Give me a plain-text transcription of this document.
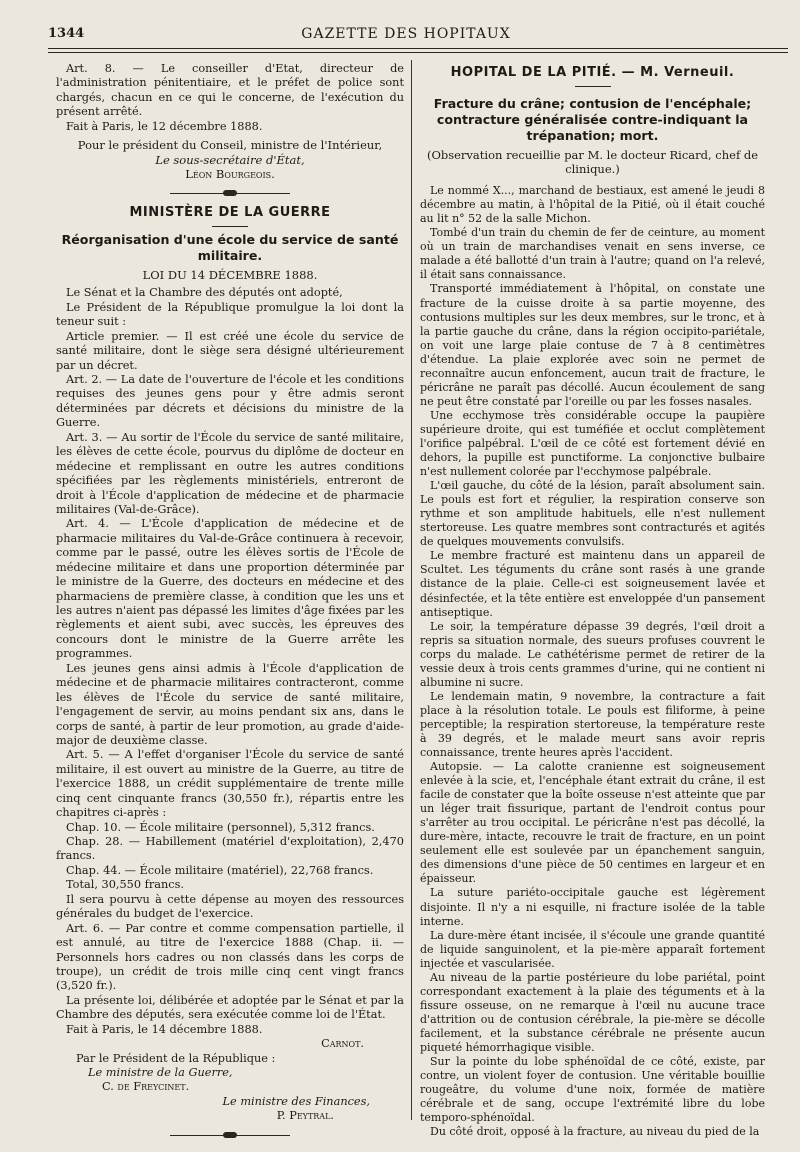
1344	GAZETTE DES HOPITAUX

Art. 8. — Le conseiller d'Etat, directeur de l'administration pénitentiaire, et le préfet de police sont chargés, chacun en ce qui le concerne, de l'exécution du présent arrêté.

Fait à Paris, le 12 décembre 1888.

Pour le président du Conseil, ministre de l'Intérieur,

Le sous-secrétaire d'État,

Léon Bourgeois.

MINISTÈRE DE LA GUERRE

Réorganisation d'une école du service de santé militaire.

LOI DU 14 DÉCEMBRE 1888.

Le Sénat et la Chambre des députés ont adopté,

Le Président de la République promulgue la loi dont la teneur suit :

Article premier. — Il est créé une école du service de santé militaire, dont le siège sera désigné ultérieurement par un décret.

Art. 2. — La date de l'ouverture de l'école et les conditions requises des jeunes gens pour y être admis seront déterminées par décrets et décisions du ministre de la Guerre.

Art. 3. — Au sortir de l'École du service de santé militaire, les élèves de cette école, pourvus du diplôme de docteur en médecine et remplissant en outre les autres conditions spécifiées par les règlements ministériels, entreront de droit à l'École d'application de médecine et de pharmacie militaires (Val-de-Grâce).

Art. 4. — L'École d'application de médecine et de pharmacie militaires du Val-de-Grâce continuera à recevoir, comme par le passé, outre les élèves sortis de l'École de médecine militaire et dans une proportion déterminée par le ministre de la Guerre, des docteurs en médecine et des pharmaciens de première classe, à condition que les uns et les autres n'aient pas dépassé les limites d'âge fixées par les règlements et aient subi, avec succès, les épreuves des concours dont le ministre de la Guerre arrête les programmes.

Les jeunes gens ainsi admis à l'École d'application de médecine et de pharmacie militaires contracteront, comme les élèves de l'École du service de santé militaire, l'engagement de servir, au moins pendant six ans, dans le corps de santé, à partir de leur promotion, au grade d'aide-major de deuxième classe.

Art. 5. — A l'effet d'organiser l'École du service de santé militaire, il est ouvert au ministre de la Guerre, au titre de l'exercice 1888, un crédit supplémentaire de trente mille cinq cent cinquante francs (30,550 fr.), répartis entre les chapitres ci-après :

Chap. 10. — École militaire (personnel), 5,312 francs.

Chap. 28. — Habillement (matériel d'exploitation), 2,470 francs.

Chap. 44. — École militaire (matériel), 22,768 francs.

Total, 30,550 francs.

Il sera pourvu à cette dépense au moyen des ressources générales du budget de l'exercice.

Art. 6. — Par contre et comme compensation partielle, il est annulé, au titre de l'exercice 1888 (Chap. ii. — Personnels hors cadres ou non classés dans les corps de troupe), un crédit de trois mille cinq cent vingt francs (3,520 fr.).

La présente loi, délibérée et adoptée par le Sénat et par la Chambre des députés, sera exécutée comme loi de l'État.

Fait à Paris, le 14 décembre 1888.

Carnot.

Par le Président de la République :

Le ministre de la Guerre,

C. de Freycinet.

Le ministre des Finances,

P. Peytral.

HOPITAL DE LA PITIÉ. — M. Verneuil.

Fracture du crâne; contusion de l'encéphale; contracture généralisée contre-indiquant la trépanation; mort.

(Observation recueillie par M. le docteur Ricard, chef de clinique.)

Le nommé X..., marchand de bestiaux, est amené le jeudi 8 décembre au matin, à l'hôpital de la Pitié, où il était couché au lit n° 52 de la salle Michon.

Tombé d'un train du chemin de fer de ceinture, au moment où un train de marchandises venait en sens inverse, ce malade a été ballotté d'un train à l'autre; quand on l'a relevé, il était sans connaissance.

Transporté immédiatement à l'hôpital, on constate une fracture de la cuisse droite à sa partie moyenne, des contusions multiples sur les deux membres, sur le tronc, et à la partie gauche du crâne, dans la région occipito-pariétale, on voit une large plaie contuse de 7 à 8 centimètres d'étendue. La plaie explorée avec soin ne permet de reconnaître aucun enfoncement, aucun trait de fracture, le péricrâne ne paraît pas décollé. Aucun écoulement de sang ne peut être constaté par l'oreille ou par les fosses nasales.

Une ecchymose très considérable occupe la paupière supérieure droite, qui est tuméfiée et occlut complètement l'orifice palpébral. L'œil de ce côté est fortement dévié en dehors, la pupille est punctiforme. La conjonctive bulbaire n'est nullement colorée par l'ecchymose palpébrale.

L'œil gauche, du côté de la lésion, paraît absolument sain. Le pouls est fort et régulier, la respiration conserve son rythme et son amplitude habituels, elle n'est nullement stertoreuse. Les quatre membres sont contracturés et agités de quelques mouvements convulsifs.

Le membre fracturé est maintenu dans un appareil de Scultet. Les téguments du crâne sont rasés à une grande distance de la plaie. Celle-ci est soigneusement lavée et désinfectée, et la tête entière est enveloppée d'un pansement antiseptique.

Le soir, la température dépasse 39 degrés, l'œil droit a repris sa situation normale, des sueurs profuses couvrent le corps du malade. Le cathétérisme permet de retirer de la vessie deux à trois cents grammes d'urine, qui ne contient ni albumine ni sucre.

Le lendemain matin, 9 novembre, la contracture a fait place à la résolution totale. Le pouls est filiforme, à peine perceptible; la respiration stertoreuse, la température reste à 39 degrés, et le malade meurt sans avoir repris connaissance, trente heures après l'accident.

Autopsie. — La calotte cranienne est soigneusement enlevée à la scie, et, l'encéphale étant extrait du crâne, il est facile de constater que la boîte osseuse n'est atteinte que par un léger trait fissurique, partant de l'endroit contus pour s'arrêter au trou occipital. Le péricrâne n'est pas décollé, la dure-mère, intacte, recouvre le trait de fracture, en un point seulement elle est soulevée par un épanchement sanguin, des dimensions d'une pièce de 50 centimes en largeur et en épaisseur.

La suture pariéto-occipitale gauche est légèrement disjointe. Il n'y a ni esquille, ni fracture isolée de la table interne.

La dure-mère étant incisée, il s'écoule une grande quantité de liquide sanguinolent, et la pie-mère apparaît fortement injectée et vascularisée.

Au niveau de la partie postérieure du lobe pariétal, point correspondant exactement à la plaie des téguments et à la fissure osseuse, on ne remarque à l'œil nu aucune trace d'attrition ou de contusion cérébrale, la pie-mère se décolle facilement, et la substance cérébrale ne présente aucun piqueté hémorrhagique visible.

Sur la pointe du lobe sphénoïdal de ce côté, existe, par contre, un violent foyer de contusion. Une véritable bouillie rougeâtre, du volume d'une noix, formée de matière cérébrale et de sang, occupe l'extrémité libre du lobe temporo-sphénoïdal.

Du côté droit, opposé à la fracture, au niveau du pied de la
